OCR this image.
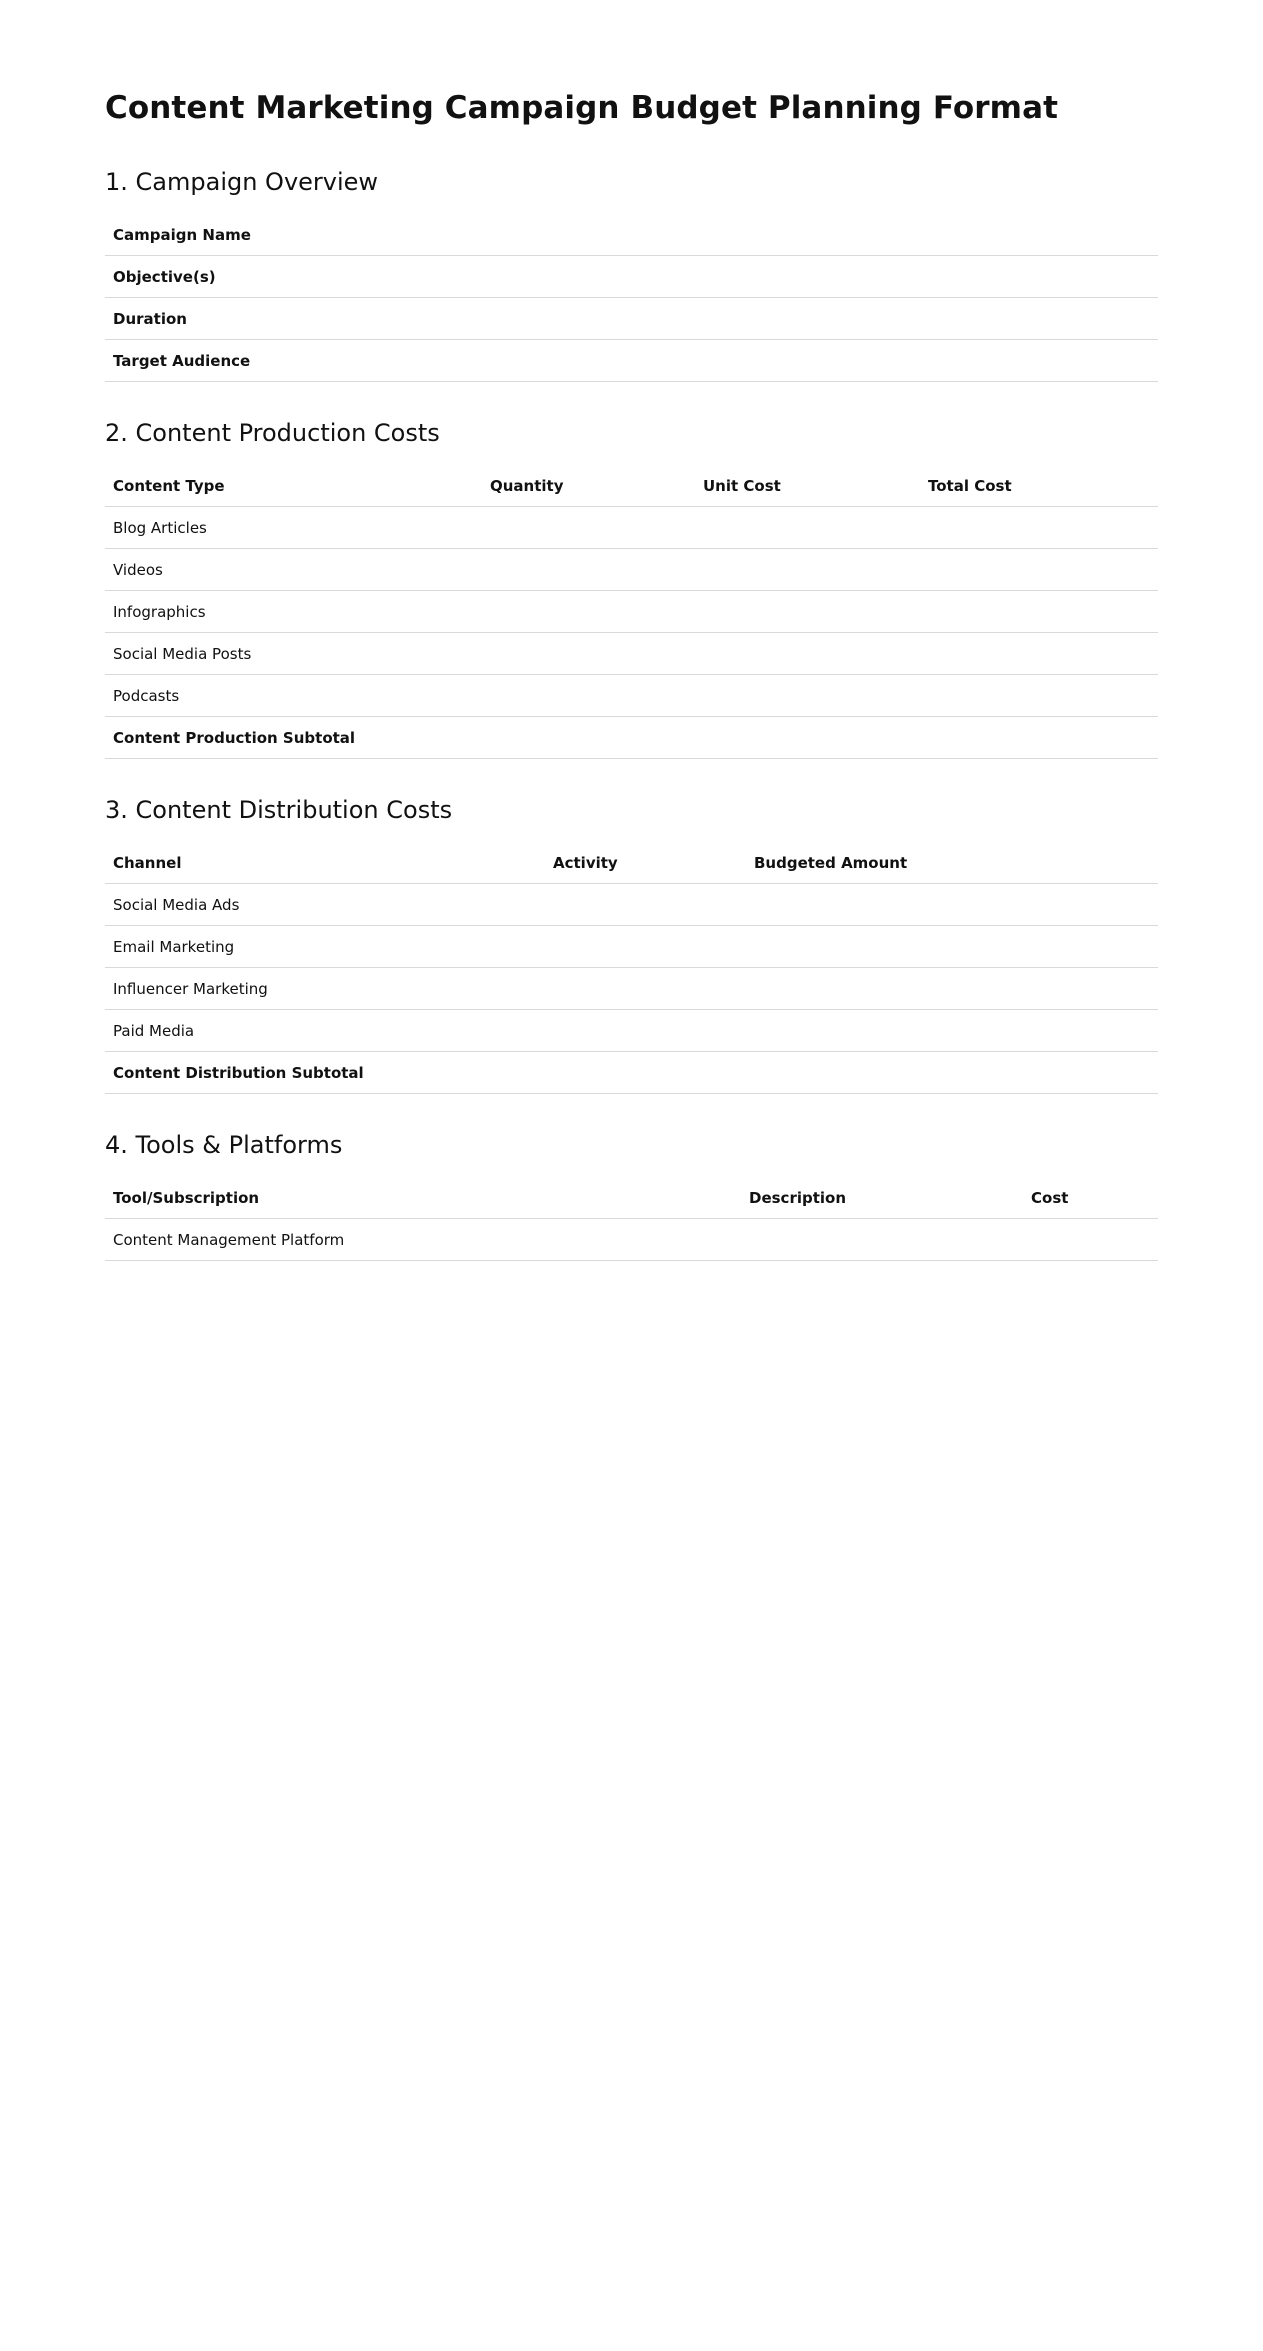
Content Marketing Campaign Budget Planning Format
1. Campaign Overview
Campaign Name
Objective(s)
Duration
Target Audience
2. Content Production Costs
Content Type	Quantity	Unit Cost	Total Cost
Blog Articles			
Videos			
Infographics			
Social Media Posts			
Podcasts			
Content Production Subtotal			
3. Content Distribution Costs
Channel	Activity	Budgeted Amount
Social Media Ads		
Email Marketing		
Influencer Marketing		
Paid Media		
Content Distribution Subtotal		
4. Tools & Platforms
Tool/Subscription	Description	Cost
Content Management Platform		
